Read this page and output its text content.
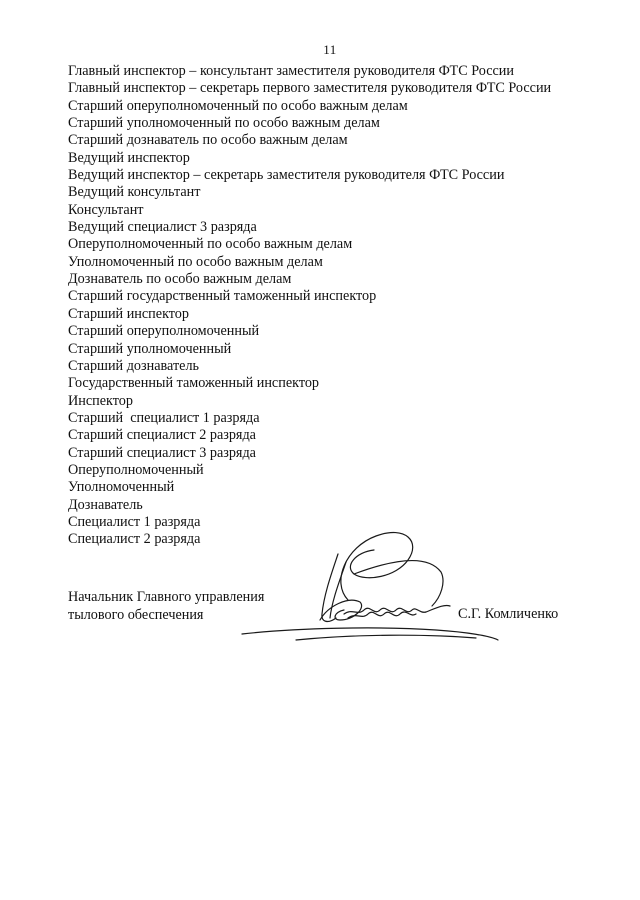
11
Главный инспектор – консультант заместителя руководителя ФТС России
Главный инспектор – секретарь первого заместителя руководителя ФТС России
Старший оперуполномоченный по особо важным делам
Старший уполномоченный по особо важным делам
Старший дознаватель по особо важным делам
Ведущий инспектор
Ведущий инспектор – секретарь заместителя руководителя ФТС России
Ведущий консультант
Консультант
Ведущий специалист 3 разряда
Оперуполномоченный по особо важным делам
Уполномоченный по особо важным делам
Дознаватель по особо важным делам
Старший государственный таможенный инспектор
Старший инспектор
Старший оперуполномоченный
Старший уполномоченный
Старший дознаватель
Государственный таможенный инспектор
Инспектор
Старший  специалист 1 разряда
Старший специалист 2 разряда
Старший специалист 3 разряда
Оперуполномоченный
Уполномоченный
Дознаватель
Специалист 1 разряда
Специалист 2 разряда
Начальник Главного управления
тылового обеспечения	С.Г. Комличенко
